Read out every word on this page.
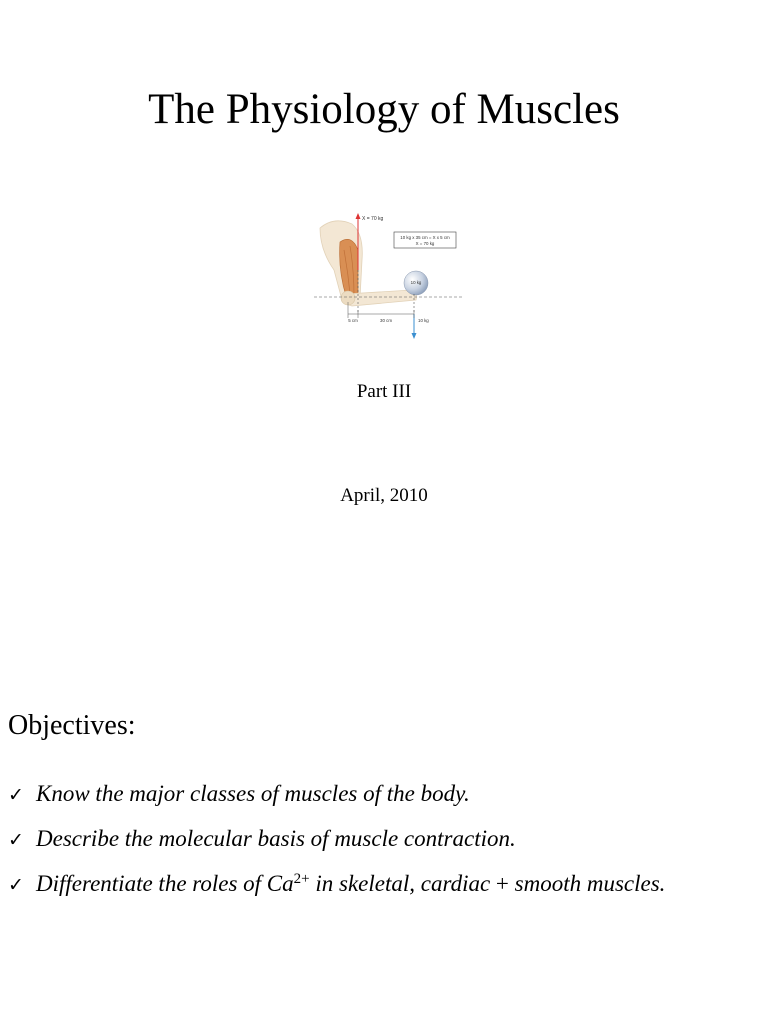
The Physiology of Muscles
X = 70 kg
10 kg x 35 cm = X x 5 cm
X = 70 kg
10 kg
10 kg
5 cm	30 cm
Part III
April, 2010
Objectives:
✓ Know the major classes of muscles of the body.
✓ Describe the molecular basis of muscle contraction.
✓ Differentiate the roles of $Ca^{2+}$ in skeletal, cardiac + smooth muscles.
